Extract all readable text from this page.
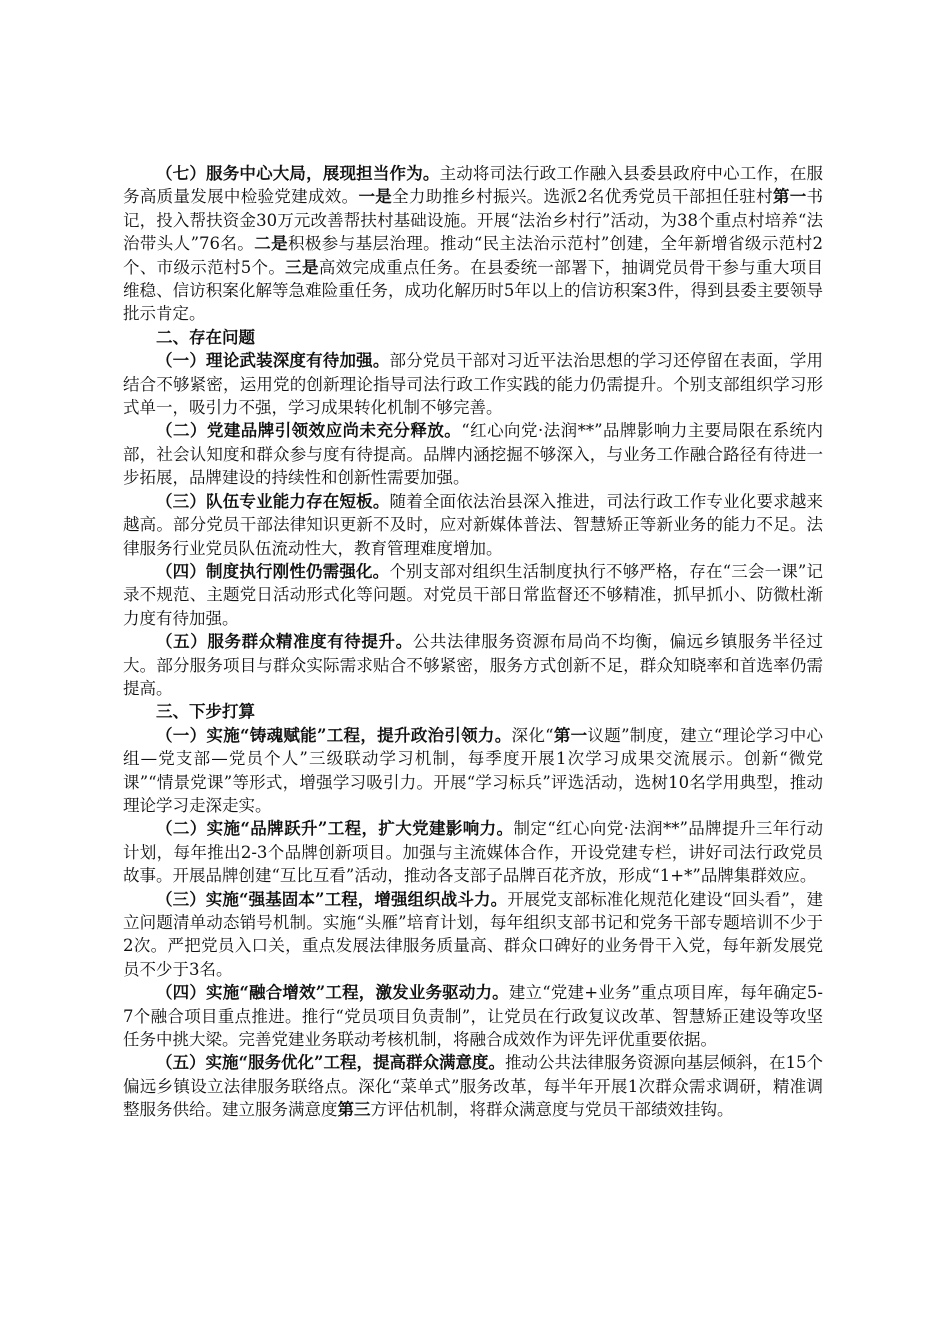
（七）服务中心大局，展现担当作为。主动将司法行政工作融入县委县政府中心工作，在服务高质量发展中检验党建成效。一是全力助推乡村振兴。选派2名优秀党员干部担任驻村第一书记，投入帮扶资金30万元改善帮扶村基础设施。开展“法治乡村行”活动，为38个重点村培养“法治带头人”76名。二是积极参与基层治理。推动“民主法治示范村”创建，全年新增省级示范村2个、市级示范村5个。三是高效完成重点任务。在县委统一部署下，抽调党员骨干参与重大项目维稳、信访积案化解等急难险重任务，成功化解历时5年以上的信访积案3件，得到县委主要领导批示肯定。

二、存在问题

（一）理论武装深度有待加强。部分党员干部对习近平法治思想的学习还停留在表面，学用结合不够紧密，运用党的创新理论指导司法行政工作实践的能力仍需提升。个别支部组织学习形式单一，吸引力不强，学习成果转化机制不够完善。

（二）党建品牌引领效应尚未充分释放。“红心向党·法润**”品牌影响力主要局限在系统内部，社会认知度和群众参与度有待提高。品牌内涵挖掘不够深入，与业务工作融合路径有待进一步拓展，品牌建设的持续性和创新性需要加强。

（三）队伍专业能力存在短板。随着全面依法治县深入推进，司法行政工作专业化要求越来越高。部分党员干部法律知识更新不及时，应对新媒体普法、智慧矫正等新业务的能力不足。法律服务行业党员队伍流动性大，教育管理难度增加。

（四）制度执行刚性仍需强化。个别支部对组织生活制度执行不够严格，存在“三会一课”记录不规范、主题党日活动形式化等问题。对党员干部日常监督还不够精准，抓早抓小、防微杜渐力度有待加强。

（五）服务群众精准度有待提升。公共法律服务资源布局尚不均衡，偏远乡镇服务半径过大。部分服务项目与群众实际需求贴合不够紧密，服务方式创新不足，群众知晓率和首选率仍需提高。

三、下步打算

（一）实施“铸魂赋能”工程，提升政治引领力。深化“第一议题”制度，建立“理论学习中心组—党支部—党员个人”三级联动学习机制，每季度开展1次学习成果交流展示。创新“微党课”“情景党课”等形式，增强学习吸引力。开展“学习标兵”评选活动，选树10名学用典型，推动理论学习走深走实。

（二）实施“品牌跃升”工程，扩大党建影响力。制定“红心向党·法润**”品牌提升三年行动计划，每年推出2-3个品牌创新项目。加强与主流媒体合作，开设党建专栏，讲好司法行政党员故事。开展品牌创建“互比互看”活动，推动各支部子品牌百花齐放，形成“1+*”品牌集群效应。

（三）实施“强基固本”工程，增强组织战斗力。开展党支部标准化规范化建设“回头看”，建立问题清单动态销号机制。实施“头雁”培育计划，每年组织支部书记和党务干部专题培训不少于2次。严把党员入口关，重点发展法律服务质量高、群众口碑好的业务骨干入党，每年新发展党员不少于3名。

（四）实施“融合增效”工程，激发业务驱动力。建立“党建+业务”重点项目库，每年确定5-7个融合项目重点推进。推行“党员项目负责制”，让党员在行政复议改革、智慧矫正建设等攻坚任务中挑大梁。完善党建业务联动考核机制，将融合成效作为评先评优重要依据。

（五）实施“服务优化”工程，提高群众满意度。推动公共法律服务资源向基层倾斜，在15个偏远乡镇设立法律服务联络点。深化“菜单式”服务改革，每半年开展1次群众需求调研，精准调整服务供给。建立服务满意度第三方评估机制，将群众满意度与党员干部绩效挂钩。
